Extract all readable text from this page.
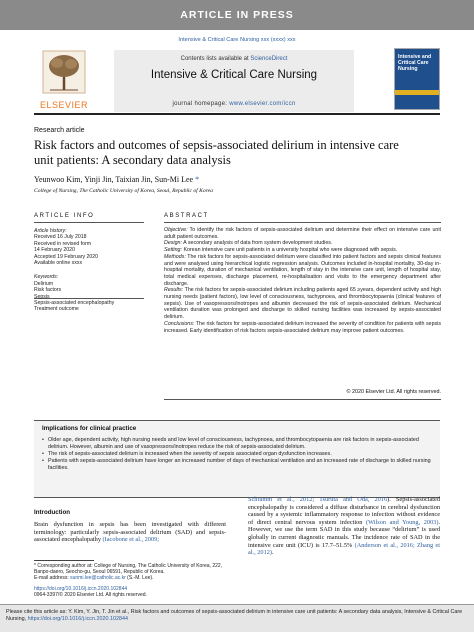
ARTICLE IN PRESS
Intensive & Critical Care Nursing xxx (xxxx) xxx
ELSEVIER
Contents lists available at ScienceDirect
Intensive & Critical Care Nursing
journal homepage: www.elsevier.com/iccn
Intensive and Critical Care Nursing
Research article
Risk factors and outcomes of sepsis-associated delirium in intensive care unit patients: A secondary data analysis
Yeunwoo Kim, Yinji Jin, Taixian Jin, Sun-Mi Lee *
College of Nursing, The Catholic University of Korea, Seoul, Republic of Korea
ARTICLE INFO	ABSTRACT
Article history:
Received 16 July 2018
Received in revised form
14 February 2020
Accepted 19 February 2020
Available online xxxx
Keywords:
Delirium
Risk factors
Sepsis
Sepsis-associated encephalopathy
Treatment outcome

Objective: To identify the risk factors of sepsis-associated delirium and determine their effect on intensive care unit adult patient outcomes.

Design: A secondary analysis of data from system development studies.

Setting: Korean intensive care unit patients in a university hospital who were diagnosed with sepsis.

Methods: The risk factors for sepsis-associated delirium were classified into patient factors and sepsis clinical features and were analysed using hierarchical logistic regression analysis. Outcomes included in-hospital mortality, 30-day in-hospital mortality, duration of mechanical ventilation, length of stay in the intensive care unit, length of hospital stay, total medical expenses, discharge placement, re-hospitalisation and visits to the emergency department after discharge.

Results: The risk factors for sepsis-associated delirium including patients aged 65 ≥years, dependent activity and high nursing needs (patient factors), low level of consciousness, tachypnoea, and thrombocytopaenia (clinical features of sepsis). Use of vasopressors/inotropes and albumin decreased the risk of sepsis-associated delirium. Mechanical ventilation duration was prolonged and discharge to skilled nursing facilities was increased by sepsis-associated delirium.

Conclusions: The risk factors for sepsis-associated delirium increased the severity of condition for patients with sepsis increased. Early identification of risk factors sepsis-associated delirium may improve patient outcomes.

© 2020 Elsevier Ltd. All rights reserved.
Implications for clinical practice
• Older age, dependent activity, high nursing needs and low level of consciousness, tachypnoea, and thrombocytopaenia are risk factors in sepsis-associated delirium. However, albumin and use of vasopressors/inotropes reduce the risk of sepsis-associated delirium.
• The risk of sepsis-associated delirium is increased when the severity of sepsis associated organ dysfunction increases.
• Patients with sepsis-associated delirium have longer an increased number of days of mechanical ventilation and an increased rate of discharge to skilled nursing facilities.
Introduction
Brain dysfunction in sepsis has been investigated with different terminology: particularly sepsis-associated delirium (SAD) and sepsis-associated encephalopathy (Iacobone et al., 2009;
Schramm et al., 2012; Tsuruta and Oda, 2016). Sepsis-associated encephalopathy is considered a diffuse disturbance in cerebral dysfunction caused by a systemic inflammatory response to infection without evidence of direct central nervous system infection (Wilson and Young, 2003). However, we use the term SAD in this study because “delirium” is used globally in current diagnostic manuals. The incidence rate of SAD in the intensive care unit (ICU) is 17.7–51.5% (Anderson et al., 2016; Zhang et al., 2012).
* Corresponding author at: College of Nursing, The Catholic University of Korea, 222, Banpo-daero, Seocho-gu, Seoul 06591, Republic of Korea.
E-mail address: sunmi.lee@catholic.ac.kr (S.-M. Lee).
https://doi.org/10.1016/j.iccn.2020.102844
0964-3397/© 2020 Elsevier Ltd. All rights reserved.
Please cite this article as: Y. Kim, Y. Jin, T. Jin et al., Risk factors and outcomes of sepsis-associated delirium in intensive care unit patients: A secondary data analysis, Intensive & Critical Care Nursing, https://doi.org/10.1016/j.iccn.2020.102844
